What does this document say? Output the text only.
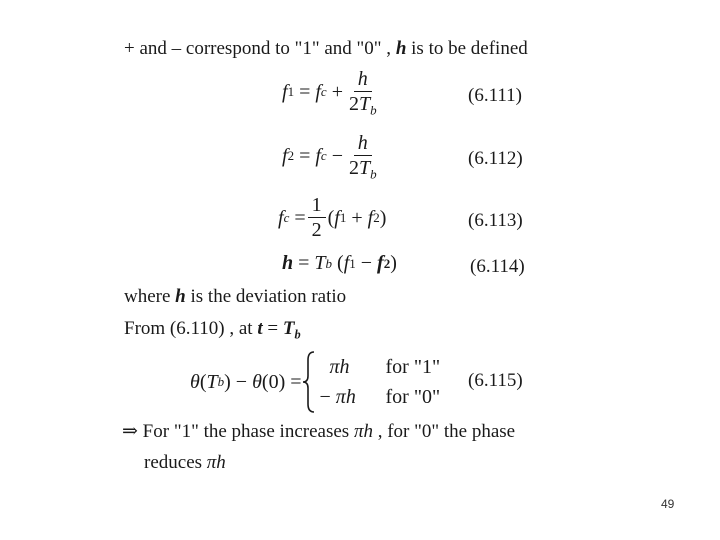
+ and – correspond to "1" and "0" , h is to be defined
f 1 = f $c + \frac{h}{2T_b}$	(6.111)
f 2 = f $c - \frac{h}{2T_b}$	(6.112)
f $c = \frac{1}{2}$ ( f 1 + f 2 )	(6.113)
h = T b ( f 1 − f 2 )	(6.114)
where h is the deviation ratio
From (6.110) , at $t = T_b$
θ ( T b ) − θ (0) =
πh	for "1"
− πh	for "0"
(6.115)
⇒ For "1" the phase increases πh , for "0" the phase
reduces πh
49
